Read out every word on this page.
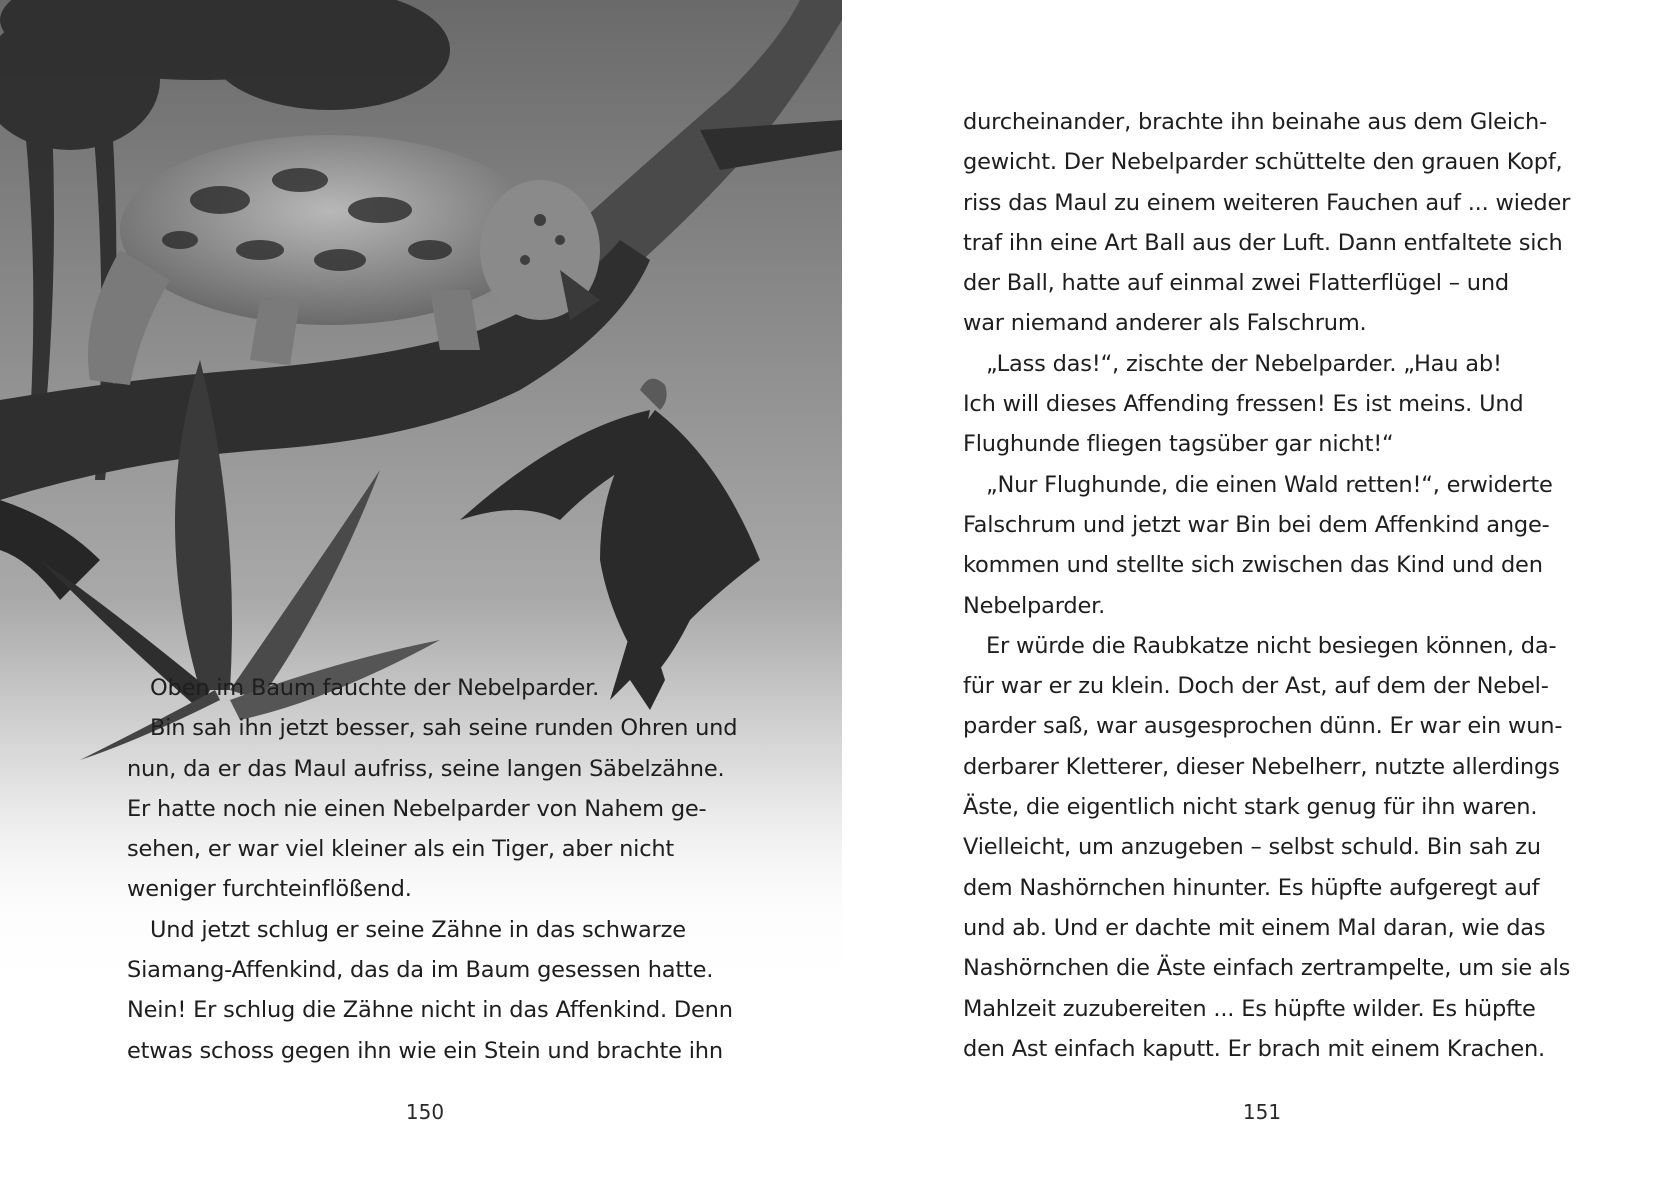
Oben im Baum fauchte der Nebelparder.
Bin sah ihn jetzt besser, sah seine runden Ohren und
nun, da er das Maul aufriss, seine langen Säbelzähne.
Er hatte noch nie einen Nebelparder von Nahem ge-
sehen, er war viel kleiner als ein Tiger, aber nicht
weniger furchteinflößend.
Und jetzt schlug er seine Zähne in das schwarze
Siamang-Affenkind, das da im Baum gesessen hatte.
Nein! Er schlug die Zähne nicht in das Affenkind. Denn
etwas schoss gegen ihn wie ein Stein und brachte ihn
durcheinander, brachte ihn beinahe aus dem Gleich-
gewicht. Der Nebelparder schüttelte den grauen Kopf,
riss das Maul zu einem weiteren Fauchen auf ... wieder
traf ihn eine Art Ball aus der Luft. Dann entfaltete sich
der Ball, hatte auf einmal zwei Flatterflügel – und
war niemand anderer als Falschrum.
„Lass das!“, zischte der Nebelparder. „Hau ab!
Ich will dieses Affending fressen! Es ist meins. Und
Flughunde fliegen tagsüber gar nicht!“
„Nur Flughunde, die einen Wald retten!“, erwiderte
Falschrum und jetzt war Bin bei dem Affenkind ange-
kommen und stellte sich zwischen das Kind und den
Nebelparder.
Er würde die Raubkatze nicht besiegen können, da-
für war er zu klein. Doch der Ast, auf dem der Nebel-
parder saß, war ausgesprochen dünn. Er war ein wun-
derbarer Kletterer, dieser Nebelherr, nutzte allerdings
Äste, die eigentlich nicht stark genug für ihn waren.
Vielleicht, um anzugeben – selbst schuld. Bin sah zu
dem Nashörnchen hinunter. Es hüpfte aufgeregt auf
und ab. Und er dachte mit einem Mal daran, wie das
Nashörnchen die Äste einfach zertrampelte, um sie als
Mahlzeit zuzubereiten ... Es hüpfte wilder. Es hüpfte
den Ast einfach kaputt. Er brach mit einem Krachen.
150	151
